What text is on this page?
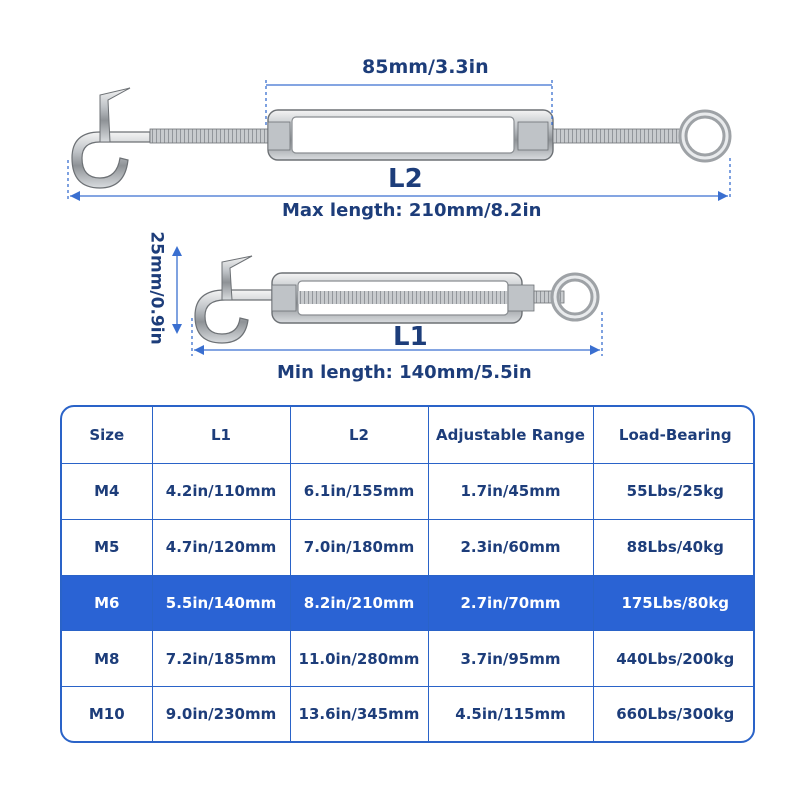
85mm/3.3in
L2
Max length: 210mm/8.2in
25mm/0.9in	L1
Min length: 140mm/5.5in
Size	L1	L2	Adjustable Range	Load-Bearing
M4	4.2in/110mm	6.1in/155mm	1.7in/45mm	55Lbs/25kg
M5	4.7in/120mm	7.0in/180mm	2.3in/60mm	88Lbs/40kg
M6	5.5in/140mm	8.2in/210mm	2.7in/70mm	175Lbs/80kg
M8	7.2in/185mm	11.0in/280mm	3.7in/95mm	440Lbs/200kg
M10	9.0in/230mm	13.6in/345mm	4.5in/115mm	660Lbs/300kg
